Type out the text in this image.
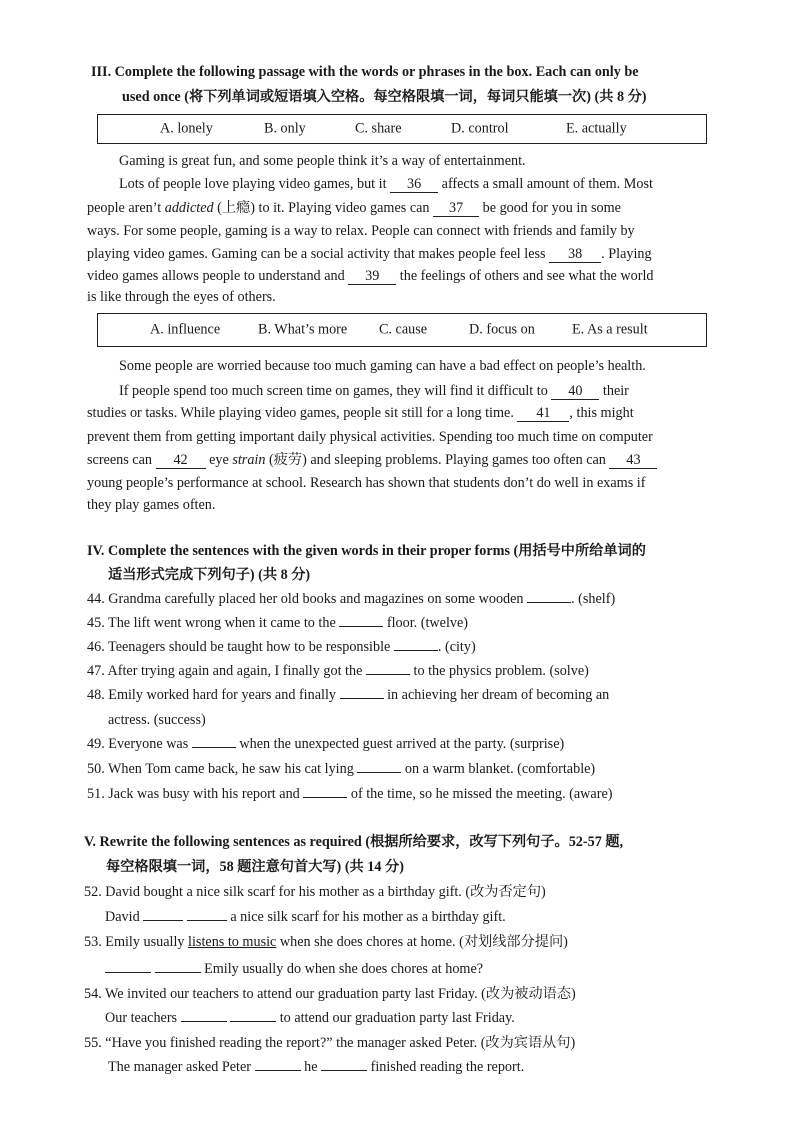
III. Complete the following passage with the words or phrases in the box. Each can only be
used once (将下列单词或短语填入空格。每空格限填一词，每词只能填一次) (共 8 分)
A. lonely	B. only	C. share	D. control	E. actually
Gaming is great fun, and some people think it’s a way of entertainment.
Lots of people love playing video games, but it 36 affects a small amount of them. Most
people aren’t addicted (上瘾) to it. Playing video games can 37 be good for you in some
ways. For some people, gaming is a way to relax. People can connect with friends and family by
playing video games. Gaming can be a social activity that makes people feel less 38 . Playing
video games allows people to understand and 39 the feelings of others and see what the world
is like through the eyes of others.
A. influence	B. What’s more C. cause	D. focus on	E. As a result
Some people are worried because too much gaming can have a bad effect on people’s health.
If people spend too much screen time on games, they will find it difficult to 40 their
studies or tasks. While playing video games, people sit still for a long time. 41 , this might
prevent them from getting important daily physical activities. Spending too much time on computer
screens can 42 eye strain (疲劳) and sleeping problems. Playing games too often can 43
young people’s performance at school. Research has shown that students don’t do well in exams if
they play games often.
IV. Complete the sentences with the given words in their proper forms (用括号中所给单词的
适当形式完成下列句子) (共 8 分)
44. Grandma carefully placed her old books and magazines on some wooden	. (shelf)
45. The lift went wrong when it came to the	floor. (twelve)
46. Teenagers should be taught how to be responsible	. (city)
47. After trying again and again, I finally got the	to the physics problem. (solve)
48. Emily worked hard for years and finally	in achieving her dream of becoming an
actress. (success)
49. Everyone was	when the unexpected guest arrived at the party. (surprise)
50. When Tom came back, he saw his cat lying	on a warm blanket. (comfortable)
51. Jack was busy with his report and	of the time, so he missed the meeting. (aware)
V. Rewrite the following sentences as required (根据所给要求，改写下列句子。52-57 题,
每空格限填一词，58 题注意句首大写) (共 14 分)
52. David bought a nice silk scarf for his mother as a birthday gift. (改为否定句)
David	a nice silk scarf for his mother as a birthday gift.
53. Emily usually listens to music when she does chores at home. (对划线部分提问)
Emily usually do when she does chores at home?
54. We invited our teachers to attend our graduation party last Friday. (改为被动语态)
Our teachers	to attend our graduation party last Friday.
55. “Have you finished reading the report?” the manager asked Peter. (改为宾语从句)
The manager asked Peter	he	finished reading the report.
